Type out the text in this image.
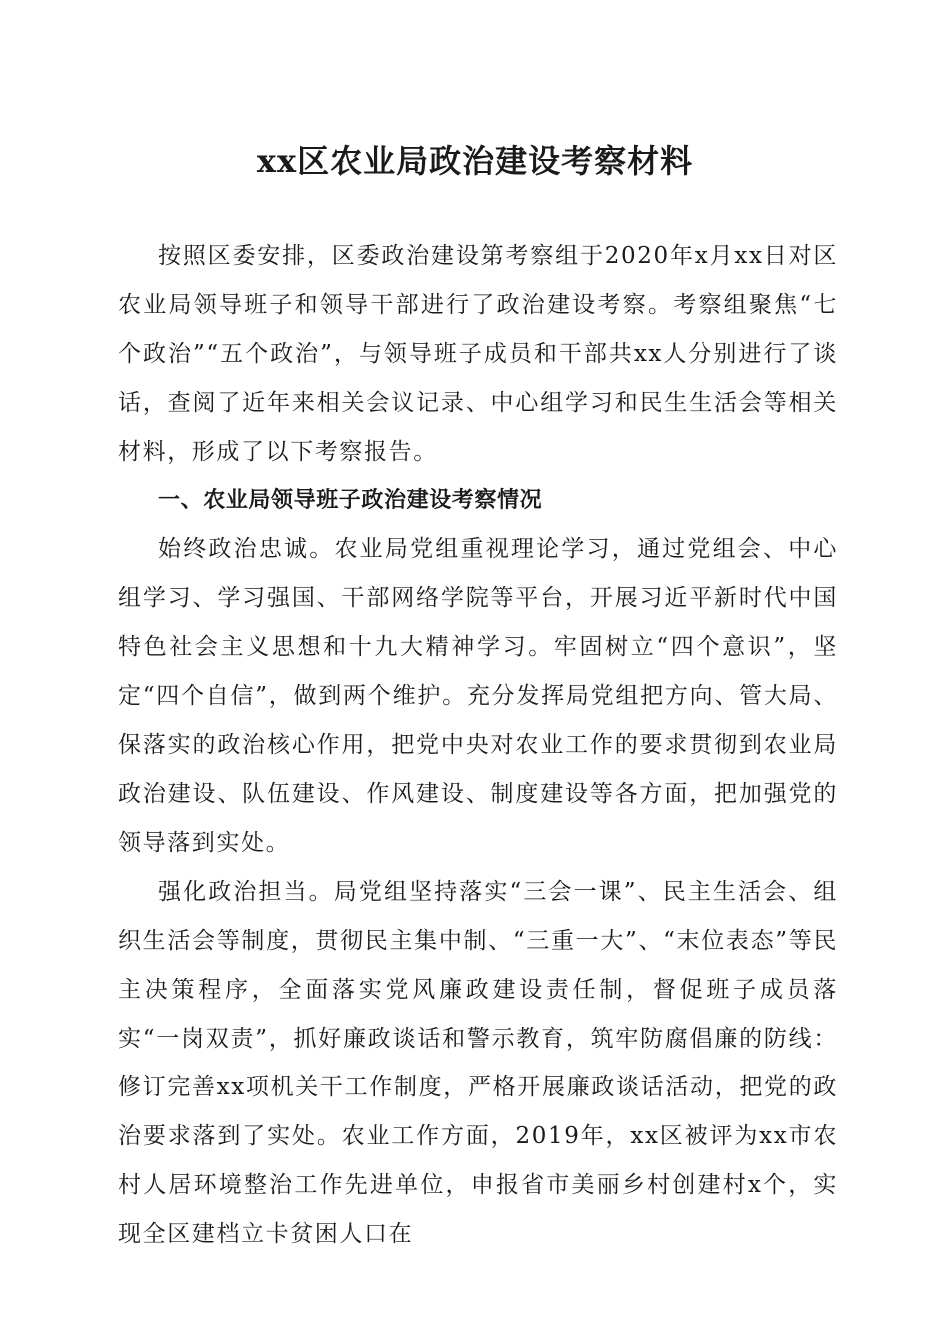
xx区农业局政治建设考察材料

按照区委安排，区委政治建设第考察组于2020年x月xx日对区农业局领导班子和领导干部进行了政治建设考察。考察组聚焦“七个政治”“五个政治”，与领导班子成员和干部共xx人分别进行了谈话，查阅了近年来相关会议记录、中心组学习和民生生活会等相关材料，形成了以下考察报告。

一、农业局领导班子政治建设考察情况

始终政治忠诚。农业局党组重视理论学习，通过党组会、中心组学习、学习强国、干部网络学院等平台，开展习近平新时代中国特色社会主义思想和十九大精神学习。牢固树立“四个意识”，坚定“四个自信”，做到两个维护。充分发挥局党组把方向、管大局、保落实的政治核心作用，把党中央对农业工作的要求贯彻到农业局政治建设、队伍建设、作风建设、制度建设等各方面，把加强党的领导落到实处。

强化政治担当。局党组坚持落实“三会一课”、民主生活会、组织生活会等制度，贯彻民主集中制、“三重一大”、“末位表态”等民主决策程序，全面落实党风廉政建设责任制，督促班子成员落实“一岗双责”，抓好廉政谈话和警示教育，筑牢防腐倡廉的防线：修订完善xx项机关干工作制度，严格开展廉政谈话活动，把党的政治要求落到了实处。农业工作方面，2019年，xx区被评为xx市农村人居环境整治工作先进单位，申报省市美丽乡村创建村x个，实现全区建档立卡贫困人口在
